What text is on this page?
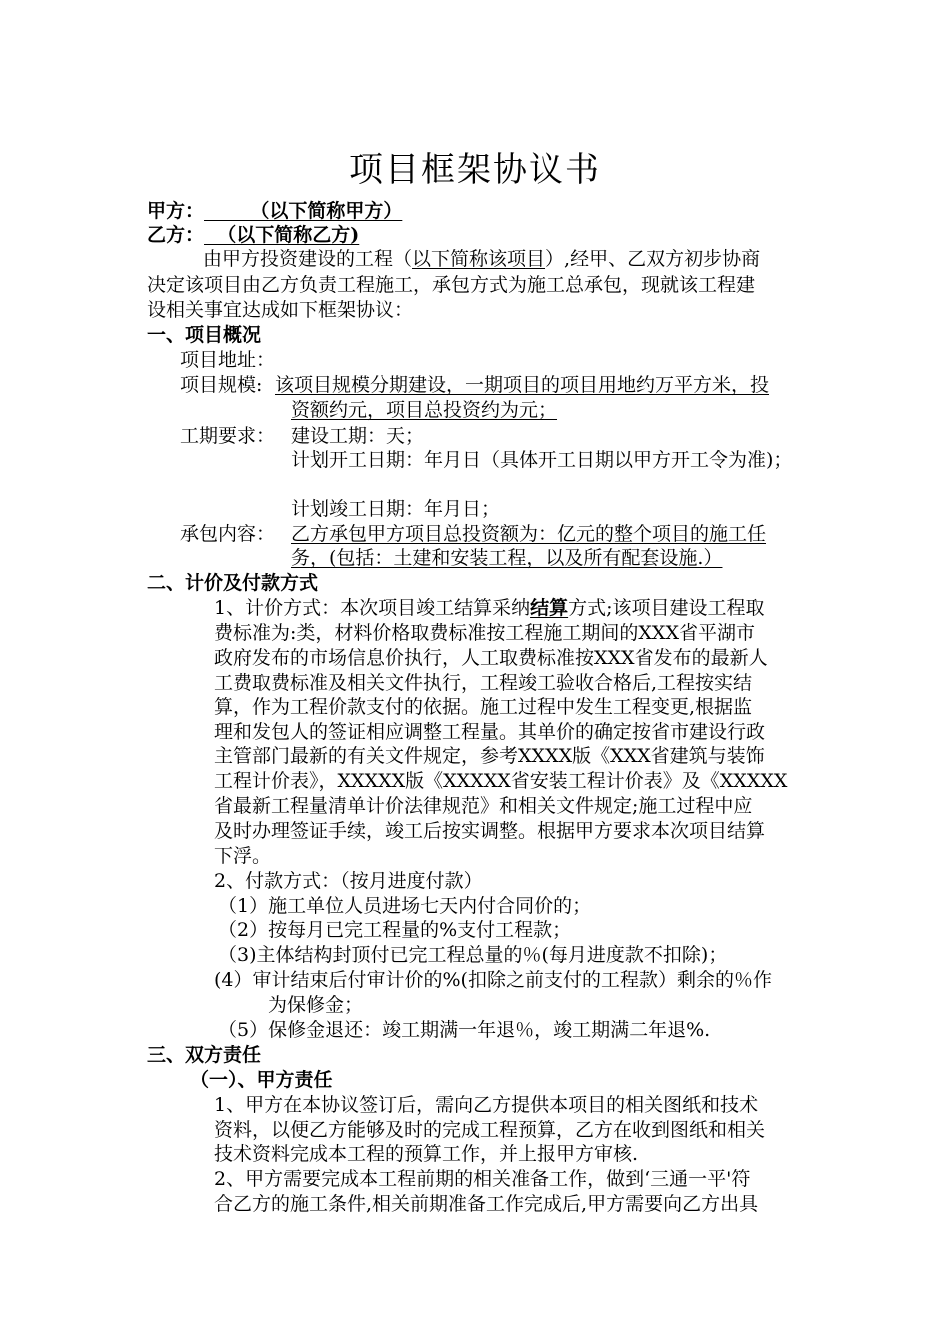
项目框架协议书
甲方：       （以下简称甲方）
乙方：  （以下简称乙方)
由甲方投资建设的工程（以下简称该项目）,经甲、乙双方初步协商
决定该项目由乙方负责工程施工，承包方式为施工总承包，现就该工程建
设相关事宜达成如下框架协议：
一、项目概况
项目地址：
项目规模: 该项目规模分期建设，一期项目的项目用地约万平方米，投
资额约元，项目总投资约为元；
工期要求： 建设工期：天；
计划开工日期：年月日（具体开工日期以甲方开工令为准)；
计划竣工日期：年月日；
承包内容： 乙方承包甲方项目总投资额为：亿元的整个项目的施工任
务，(包括：土建和安装工程，以及所有配套设施.）
二、计价及付款方式
1、计价方式：本次项目竣工结算采纳结算方式;该项目建设工程取
费标准为:类，材料价格取费标准按工程施工期间的XXX省平湖市
政府发布的市场信息价执行，人工取费标准按XXX省发布的最新人
工费取费标准及相关文件执行，工程竣工验收合格后,工程按实结
算，作为工程价款支付的依据。施工过程中发生工程变更,根据监
理和发包人的签证相应调整工程量。其单价的确定按省市建设行政
主管部门最新的有关文件规定，参考XXXX版《XXX省建筑与装饰
工程计价表》，XXXXX版《XXXXX省安装工程计价表》及《XXXXX
省最新工程量清单计价法律规范》和相关文件规定;施工过程中应
及时办理签证手续，竣工后按实调整。根据甲方要求本次项目结算
下浮。
2、付款方式：（按月进度付款）
（1）施工单位人员进场七天内付合同价的；
（2）按每月已完工程量的%支付工程款；
（3)主体结构封顶付已完工程总量的％(每月进度款不扣除)；
(4）审计结束后付审计价的%(扣除之前支付的工程款）剩余的％作
为保修金；
（5）保修金退还：竣工期满一年退％，竣工期满二年退%.
三、双方责任
（一）、甲方责任
1、甲方在本协议签订后，需向乙方提供本项目的相关图纸和技术
资料，以便乙方能够及时的完成工程预算，乙方在收到图纸和相关
技术资料完成本工程的预算工作，并上报甲方审核.
2、甲方需要完成本工程前期的相关准备工作，做到‘三通一平'符
合乙方的施工条件,相关前期准备工作完成后,甲方需要向乙方出具
